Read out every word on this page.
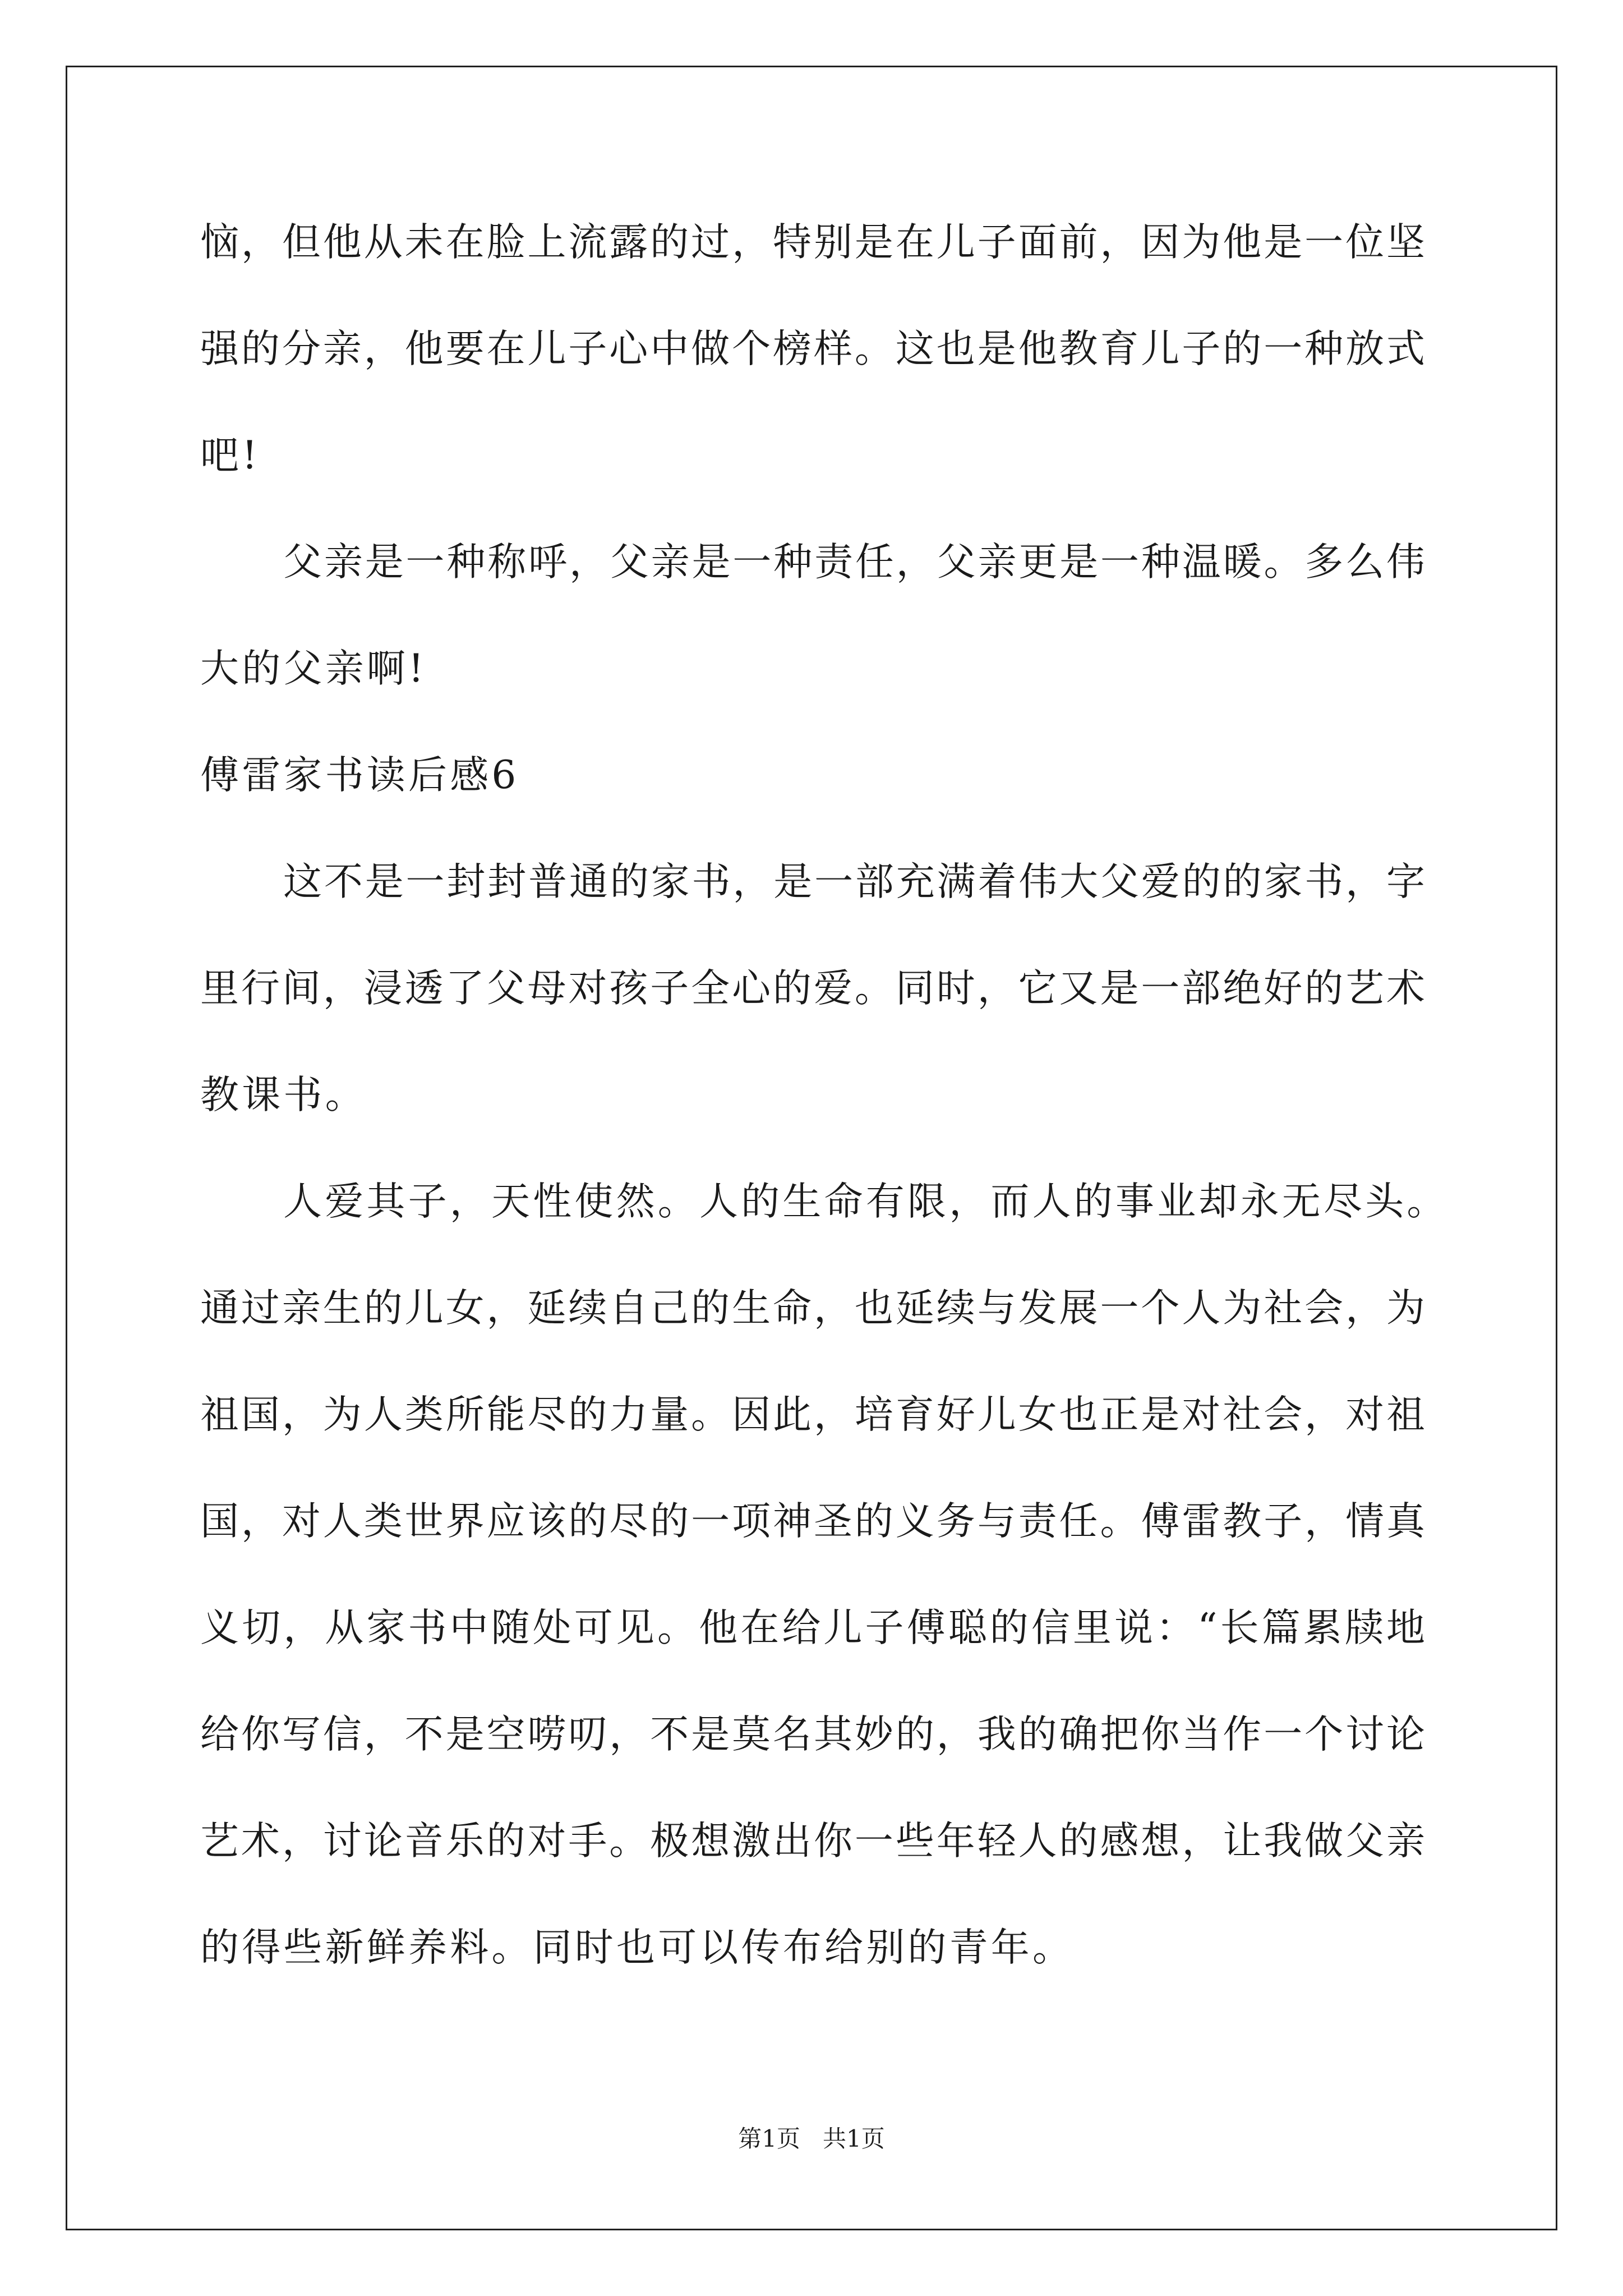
恼，但他从未在脸上流露的过，特别是在儿子面前，因为他是一位坚
强的分亲，他要在儿子心中做个榜样。这也是他教育儿子的一种放式
吧!
父亲是一种称呼，父亲是一种责任，父亲更是一种温暖。多么伟
大的父亲啊!
傅雷家书读后感6
这不是一封封普通的家书，是一部充满着伟大父爱的的家书，字
里行间，浸透了父母对孩子全心的爱。同时，它又是一部绝好的艺术
教课书。
人爱其子，天性使然。人的生命有限，而人的事业却永无尽头。
通过亲生的儿女，延续自己的生命，也延续与发展一个人为社会，为
祖国，为人类所能尽的力量。因此，培育好儿女也正是对社会，对祖
国，对人类世界应该的尽的一项神圣的义务与责任。傅雷教子，情真
义切，从家书中随处可见。他在给儿子傅聪的信里说：“长篇累牍地
给你写信，不是空唠叨，不是莫名其妙的，我的确把你当作一个讨论
艺术，讨论音乐的对手。极想激出你一些年轻人的感想，让我做父亲
的得些新鲜养料。同时也可以传布给别的青年。
第1页   共1页
